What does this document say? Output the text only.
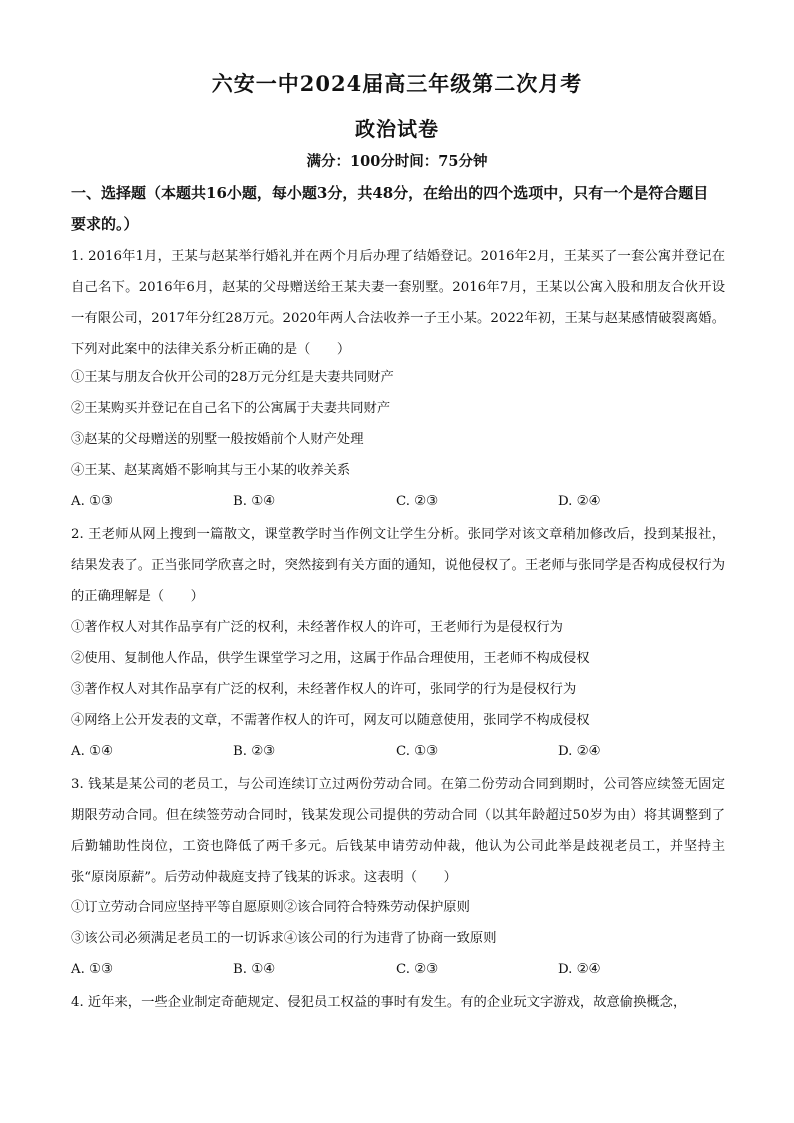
六安一中2024届高三年级第二次月考
政治试卷
满分：100分时间：75分钟
一、选择题（本题共16小题，每小题3分，共48分，在给出的四个选项中，只有一个是符合题目要求的。）
1. 2016年1月，王某与赵某举行婚礼并在两个月后办理了结婚登记。2016年2月，王某买了一套公寓并登记在自己名下。2016年6月，赵某的父母赠送给王某夫妻一套别墅。2016年7月，王某以公寓入股和朋友合伙开设一有限公司，2017年分红28万元。2020年两人合法收养一子王小某。2022年初，王某与赵某感情破裂离婚。下列对此案中的法律关系分析正确的是（　　）
①王某与朋友合伙开公司的28万元分红是夫妻共同财产
②王某购买并登记在自己名下的公寓属于夫妻共同财产
③赵某的父母赠送的别墅一般按婚前个人财产处理
④王某、赵某离婚不影响其与王小某的收养关系
A. ①③	B. ①④	C. ②③	D. ②④
2. 王老师从网上搜到一篇散文，课堂教学时当作例文让学生分析。张同学对该文章稍加修改后，投到某报社，结果发表了。正当张同学欣喜之时，突然接到有关方面的通知，说他侵权了。王老师与张同学是否构成侵权行为的正确理解是（　　）
①著作权人对其作品享有广泛的权利，未经著作权人的许可，王老师行为是侵权行为
②使用、复制他人作品，供学生课堂学习之用，这属于作品合理使用，王老师不构成侵权
③著作权人对其作品享有广泛的权利，未经著作权人的许可，张同学的行为是侵权行为
④网络上公开发表的文章，不需著作权人的许可，网友可以随意使用，张同学不构成侵权
A. ①④	B. ②③	C. ①③	D. ②④
3. 钱某是某公司的老员工，与公司连续订立过两份劳动合同。在第二份劳动合同到期时，公司答应续签无固定期限劳动合同。但在续签劳动合同时，钱某发现公司提供的劳动合同（以其年龄超过50岁为由）将其调整到了后勤辅助性岗位，工资也降低了两千多元。后钱某申请劳动仲裁，他认为公司此举是歧视老员工，并坚持主张“原岗原薪”。后劳动仲裁庭支持了钱某的诉求。这表明（　　）
①订立劳动合同应坚持平等自愿原则②该合同符合特殊劳动保护原则
③该公司必须满足老员工的一切诉求④该公司的行为违背了协商一致原则
A. ①③	B. ①④	C. ②③	D. ②④
4. 近年来，一些企业制定奇葩规定、侵犯员工权益的事时有发生。有的企业玩文字游戏，故意偷换概念，
